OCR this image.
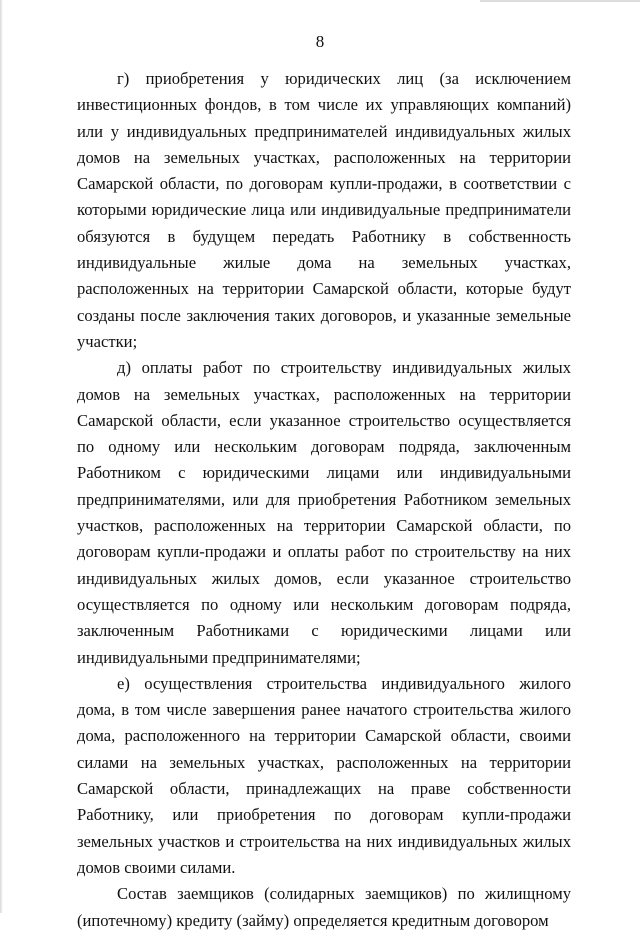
8

г) приобретения у юридических лиц (за исключением инвестиционных фондов, в том числе их управляющих компаний) или у индивидуальных предпринимателей индивидуальных жилых домов на земельных участках, расположенных на территории Самарской области, по договорам купли-продажи, в соответствии с которыми юридические лица или индивидуальные предприниматели обязуются в будущем передать Работнику в собственность индивидуальные жилые дома на земельных участках, расположенных на территории Самарской области, которые будут созданы после заключения таких договоров, и указанные земельные участки;

д) оплаты работ по строительству индивидуальных жилых домов на земельных участках, расположенных на территории Самарской области, если указанное строительство осуществляется по одному или нескольким договорам подряда, заключенным Работником с юридическими лицами или индивидуальными предпринимателями, или для приобретения Работником земельных участков, расположенных на территории Самарской области, по договорам купли-продажи и оплаты работ по строительству на них индивидуальных жилых домов, если указанное строительство осуществляется по одному или нескольким договорам подряда, заключенным Работниками с юридическими лицами или индивидуальными предпринимателями;

е) осуществления строительства индивидуального жилого дома, в том числе завершения ранее начатого строительства жилого дома, расположенного на территории Самарской области, своими силами на земельных участках, расположенных на территории Самарской области, принадлежащих на праве собственности Работнику, или приобретения по договорам купли-продажи земельных участков и строительства на них индивидуальных жилых домов своими силами.

Состав заемщиков (солидарных заемщиков) по жилищному (ипотечному) кредиту (займу) определяется кредитным договором
